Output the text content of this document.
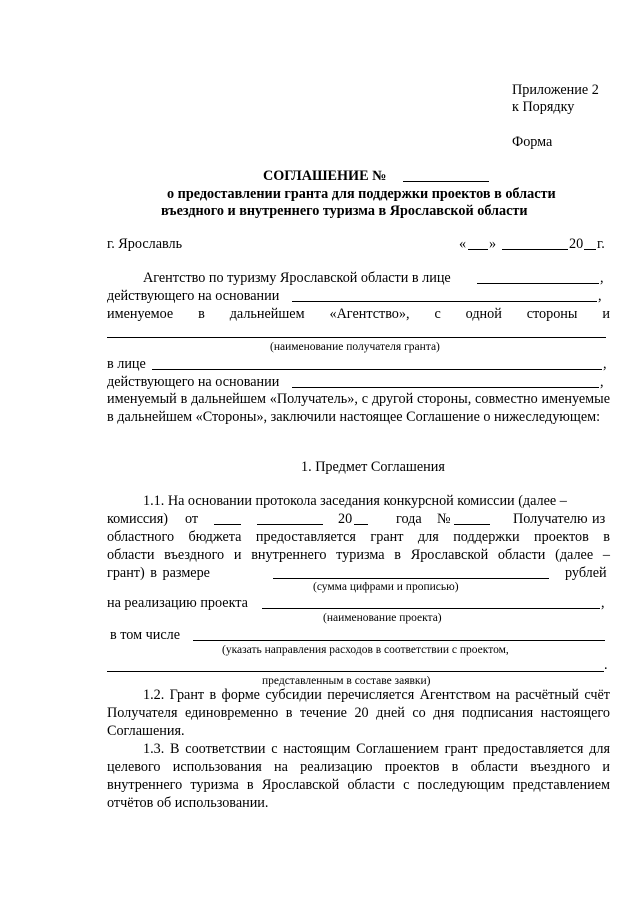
Приложение 2
к Порядку
Форма
СОГЛАШЕНИЕ №
о предоставлении гранта для поддержки проектов в области
въездного и внутреннего туризма в Ярославской области
г. Ярославль	« »	20 г.
Агентство по туризму Ярославской области в лице	,
действующего на основании	,
именуемое в дальнейшем «Агентство», с одной стороны и
(наименование получателя гранта)
в лице	,
действующего на основании	,
именуемый в дальнейшем «Получатель», с другой стороны, совместно именуемые в дальнейшем «Стороны», заключили настоящее Соглашение о нижеследующем:
1. Предмет Соглашения
1.1. На основании протокола заседания конкурсной комиссии (далее –
комиссия) от	20	года №	Получателю из
областного бюджета предоставляется грант для поддержки проектов в
области въездного и внутреннего туризма в Ярославской области (далее –
грант) в размере	рублей
(сумма цифрами и прописью)
на реализацию проекта	,
(наименование проекта)
в том числе
(указать направления расходов в соответствии с проектом,
.
представленным в составе заявки)
1.2. Грант в форме субсидии перечисляется Агентством на расчётный счёт Получателя единовременно в течение 20 дней со дня подписания настоящего Соглашения.
1.3. В соответствии с настоящим Соглашением грант предоставляется для целевого использования на реализацию проектов в области въездного и внутреннего туризма в Ярославской области с последующим представлением отчётов об использовании.
